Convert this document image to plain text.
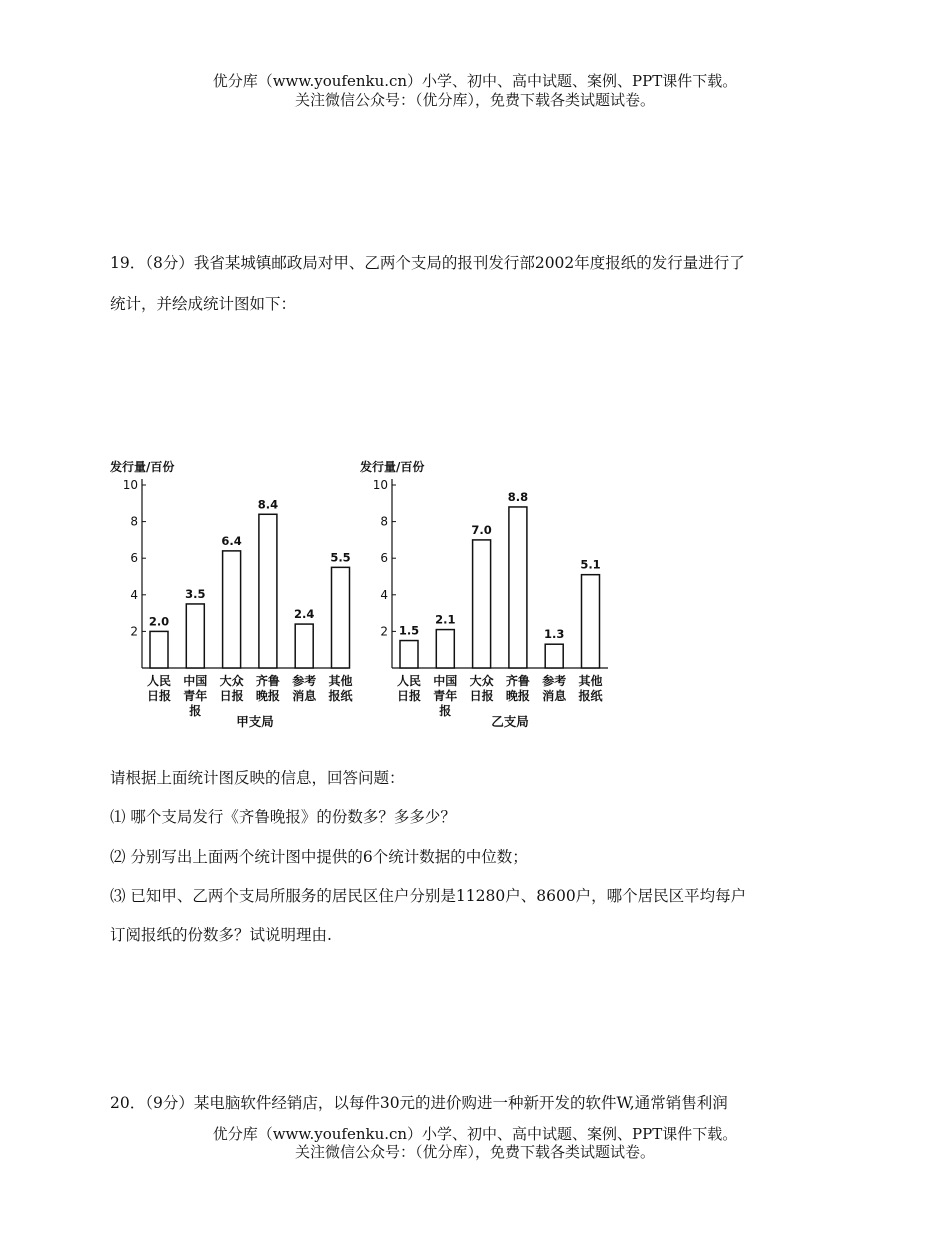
优分库（www.youfenku.cn）小学、初中、高中试题、案例、PPT课件下载。
关注微信公众号：（优分库），免费下载各类试题试卷。
19．（8分）我省某城镇邮政局对甲、乙两个支局的报刊发行部2002年度报纸的发行量进行了
统计，并绘成统计图如下：
发行量/百份
2
4
6
8
10
2.0
人民
日报
3.5
中国
青年
报
6.4
大众
日报
8.4
齐鲁
晚报
2.4
参考
消息
5.5
其他
报纸
甲支局
发行量/百份
2
4
6
8
10
1.5
人民
日报
2.1
中国
青年
报
7.0
大众
日报
8.8
齐鲁
晚报
1.3
参考
消息
5.1
其他
报纸
乙支局
请根据上面统计图反映的信息，回答问题：
⑴ 哪个支局发行《齐鲁晚报》的份数多？多多少？
⑵ 分别写出上面两个统计图中提供的6个统计数据的中位数；
⑶ 已知甲、乙两个支局所服务的居民区住户分别是11280户、8600户，哪个居民区平均每户
订阅报纸的份数多？试说明理由.
20．（9分）某电脑软件经销店，以每件30元的进价购进一种新开发的软件W,通常销售利润
优分库（www.youfenku.cn）小学、初中、高中试题、案例、PPT课件下载。
关注微信公众号：（优分库），免费下载各类试题试卷。
